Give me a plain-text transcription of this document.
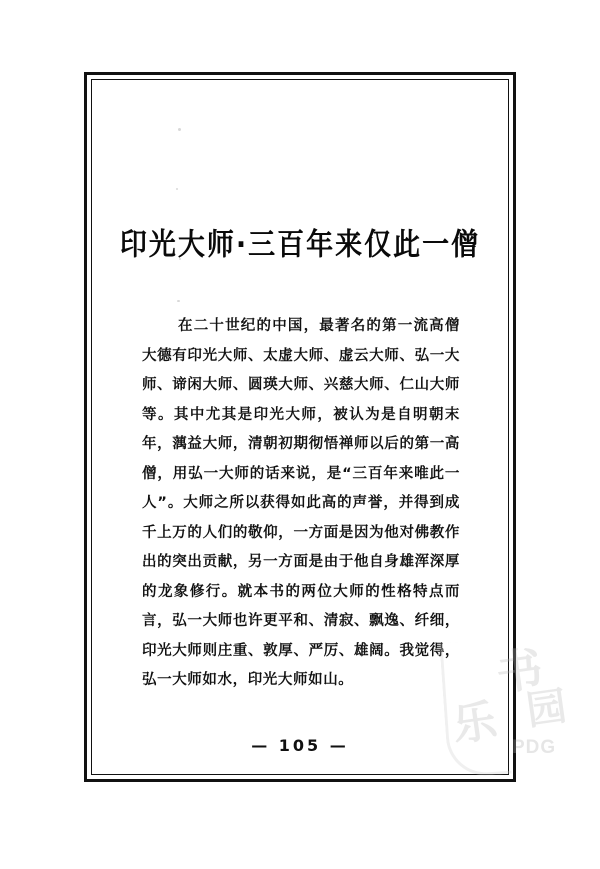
印光大师·三百年来仅此一僧
在二十世纪的中国，最著名的第一流高僧大德有印光大师、太虚大师、虚云大师、弘一大师、谛闲大师、圆瑛大师、兴慈大师、仁山大师等。其中尤其是印光大师，被认为是自明朝末年，蕅益大师，清朝初期彻悟禅师以后的第一高僧，用弘一大师的话来说，是“三百年来唯此一人”。大师之所以获得如此高的声誉，并得到成千上万的人们的敬仰，一方面是因为他对佛教作出的突出贡献，另一方面是由于他自身雄浑深厚的龙象修行。就本书的两位大师的性格特点而言，弘一大师也许更平和、清寂、飘逸、纤细，印光大师则庄重、敦厚、严厉、雄阔。我觉得，弘一大师如水，印光大师如山。
— 105 —
书
园
乐 PDG
